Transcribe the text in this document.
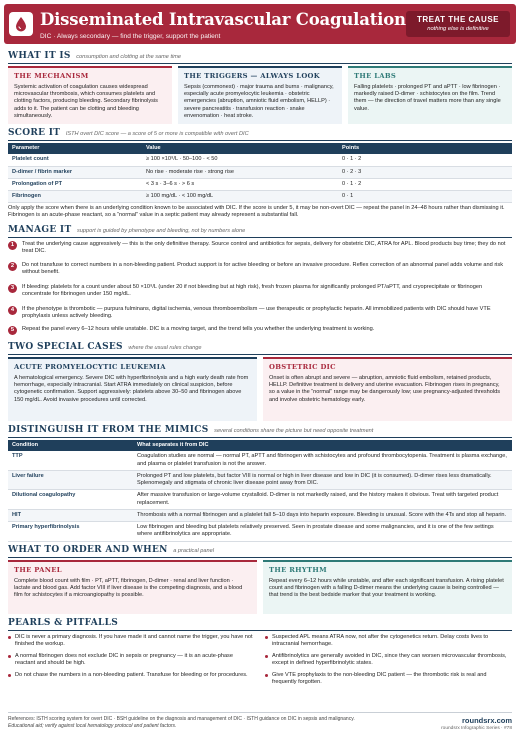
Disseminated Intravascular Coagulation
DIC · Always secondary — find the trigger, support the patient
TREAT THE CAUSE
nothing else is definitive
WHAT IT IS consumption and clotting at the same time
THE MECHANISM
Systemic activation of coagulation causes widespread microvascular thrombosis, which consumes platelets and clotting factors, producing bleeding. Secondary fibrinolysis adds to it. The patient can be clotting and bleeding simultaneously.
THE TRIGGERS — ALWAYS LOOK
Sepsis (commonest) · major trauma and burns · malignancy, especially acute promyelocytic leukemia · obstetric emergencies (abruption, amniotic fluid embolism, HELLP) · severe pancreatitis · transfusion reaction · snake envenomation · heat stroke.
THE LABS
Falling platelets · prolonged PT and aPTT · low fibrinogen · markedly raised D-dimer · schistocytes on the film. Trend them — the direction of travel matters more than any single value.
SCORE IT ISTH overt DIC score — a score of 5 or more is compatible with overt DIC
Parameter	Value	Points
Platelet count	≥ 100 ×10⁹/L · 50–100 · < 50	0 · 1 · 2
D-dimer / fibrin marker	No rise · moderate rise · strong rise	0 · 2 · 3
Prolongation of PT	< 3 s · 3–6 s · > 6 s	0 · 1 · 2
Fibrinogen	≥ 100 mg/dL · < 100 mg/dL	0 · 1
Only apply the score when there is an underlying condition known to be associated with DIC. If the score is under 5, it may be non-overt DIC — repeat the panel in 24–48 hours rather than dismissing it. Fibrinogen is an acute-phase reactant, so a “normal” value in a septic patient may already represent a substantial fall.
MANAGE IT support is guided by phenotype and bleeding, not by numbers alone
1	Treat the underlying cause aggressively — this is the only definitive therapy. Source control and antibiotics for sepsis, delivery for obstetric DIC, ATRA for APL. Blood products buy time; they do not treat DIC.
2	Do not transfuse to correct numbers in a non-bleeding patient. Product support is for active bleeding or before an invasive procedure. Reflex correction of an abnormal panel adds volume and risk without benefit.
3	If bleeding: platelets for a count under about 50 ×10⁹/L (under 20 if not bleeding but at high risk), fresh frozen plasma for significantly prolonged PT/aPTT, and cryoprecipitate or fibrinogen concentrate for fibrinogen under 150 mg/dL.
4	If the phenotype is thrombotic — purpura fulminans, digital ischemia, venous thromboembolism — use therapeutic or prophylactic heparin. All immobilized patients with DIC should have VTE prophylaxis unless actively bleeding.
5	Repeat the panel every 6–12 hours while unstable. DIC is a moving target, and the trend tells you whether the underlying treatment is working.
TWO SPECIAL CASES where the usual rules change
ACUTE PROMYELOCYTIC LEUKEMIA
A hematological emergency. Severe DIC with hyperfibrinolysis and a high early death rate from hemorrhage, especially intracranial. Start ATRA immediately on clinical suspicion, before cytogenetic confirmation. Support aggressively: platelets above 30–50 and fibrinogen above 150 mg/dL. Avoid invasive procedures until corrected.
OBSTETRIC DIC
Onset is often abrupt and severe — abruption, amniotic fluid embolism, retained products, HELLP. Definitive treatment is delivery and uterine evacuation. Fibrinogen rises in pregnancy, so a value in the “normal” range may be dangerously low; use pregnancy-adjusted thresholds and involve obstetric hematology early.
DISTINGUISH IT FROM THE MIMICS several conditions share the picture but need opposite treatment
Condition	What separates it from DIC
TTP	Coagulation studies are normal — normal PT, aPTT and fibrinogen with schistocytes and profound thrombocytopenia. Treatment is plasma exchange, and plasma or platelet transfusion is not the answer.
Liver failure	Prolonged PT and low platelets, but factor VIII is normal or high in liver disease and low in DIC (it is consumed). D-dimer rises less dramatically. Splenomegaly and stigmata of chronic liver disease point away from DIC.
Dilutional coagulopathy	After massive transfusion or large-volume crystalloid. D-dimer is not markedly raised, and the history makes it obvious. Treat with targeted product replacement.
HIT	Thrombosis with a normal fibrinogen and a platelet fall 5–10 days into heparin exposure. Bleeding is unusual. Score with the 4Ts and stop all heparin.
Primary hyperfibrinolysis	Low fibrinogen and bleeding but platelets relatively preserved. Seen in prostate disease and some malignancies, and it is one of the few settings where antifibrinolytics are appropriate.
WHAT TO ORDER AND WHEN a practical panel
THE PANEL
Complete blood count with film · PT, aPTT, fibrinogen, D-dimer · renal and liver function · lactate and blood gas. Add factor VIII if liver disease is the competing diagnosis, and a blood film for schistocytes if a microangiopathy is possible.
THE RHYTHM
Repeat every 6–12 hours while unstable, and after each significant transfusion. A rising platelet count and fibrinogen with a falling D-dimer means the underlying cause is being controlled — that trend is the best bedside marker that your treatment is working.
PEARLS & PITFALLS
DIC is never a primary diagnosis. If you have made it and cannot name the trigger, you have not finished the workup.
A normal fibrinogen does not exclude DIC in sepsis or pregnancy — it is an acute-phase reactant and should be high.
Do not chase the numbers in a non-bleeding patient. Transfuse for bleeding or for procedures.
Suspected APL means ATRA now, not after the cytogenetics return. Delay costs lives to intracranial hemorrhage.
Antifibrinolytics are generally avoided in DIC, since they can worsen microvascular thrombosis, except in defined hyperfibrinolytic states.
Give VTE prophylaxis to the non-bleeding DIC patient — the thrombotic risk is real and frequently forgotten.
References: ISTH scoring system for overt DIC · BSH guideline on the diagnosis and management of DIC · ISTH guidance on DIC in sepsis and malignancy.
Educational aid; verify against local hematology protocol and patient factors.
roundsrx.com
roundsrx Infographic Series · #78
